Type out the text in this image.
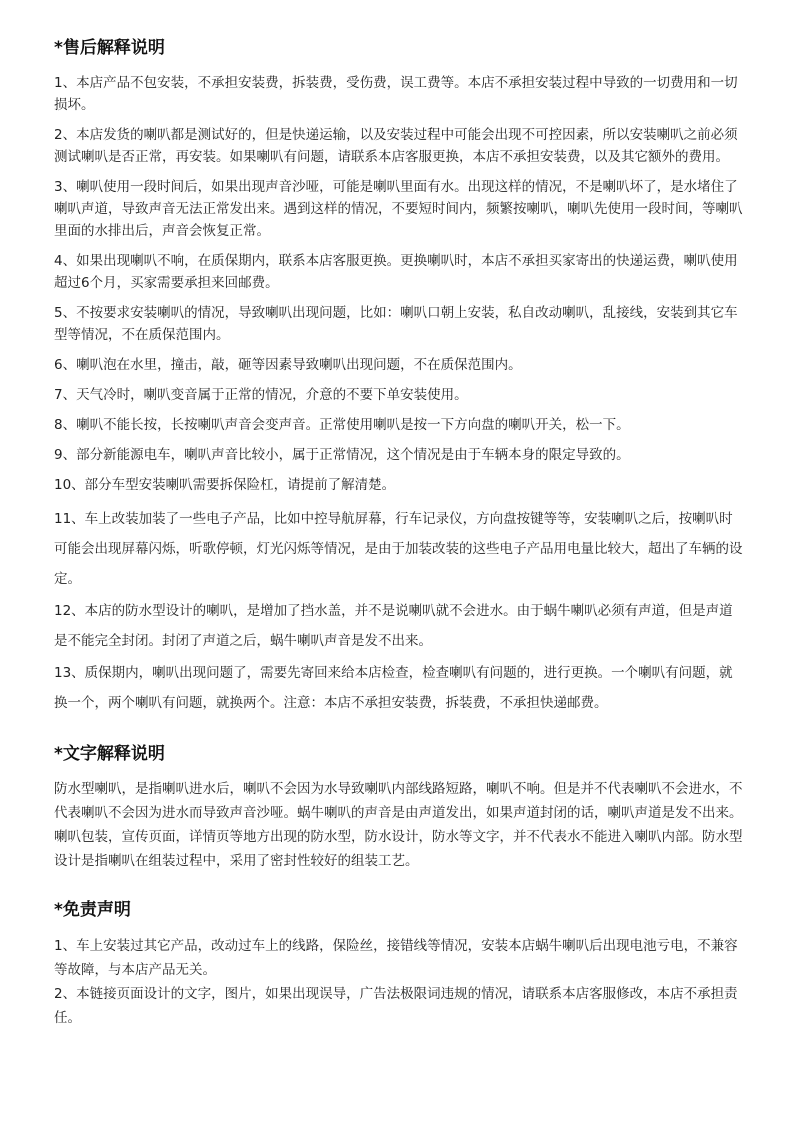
*售后解释说明

1、本店产品不包安装，不承担安装费，拆装费，受伤费，误工费等。本店不承担安装过程中导致的一切费用和一切损坏。

2、本店发货的喇叭都是测试好的，但是快递运输，以及安装过程中可能会出现不可控因素，所以安装喇叭之前必须测试喇叭是否正常，再安装。如果喇叭有问题，请联系本店客服更换，本店不承担安装费，以及其它额外的费用。

3、喇叭使用一段时间后，如果出现声音沙哑，可能是喇叭里面有水。出现这样的情况，不是喇叭坏了，是水堵住了喇叭声道，导致声音无法正常发出来。遇到这样的情况，不要短时间内，频繁按喇叭，喇叭先使用一段时间，等喇叭里面的水排出后，声音会恢复正常。

4、如果出现喇叭不响，在质保期内，联系本店客服更换。更换喇叭时，本店不承担买家寄出的快递运费，喇叭使用超过6个月，买家需要承担来回邮费。

5、不按要求安装喇叭的情况，导致喇叭出现问题，比如：喇叭口朝上安装，私自改动喇叭，乱接线，安装到其它车型等情况，不在质保范围内。

6、喇叭泡在水里，撞击，敲，砸等因素导致喇叭出现问题，不在质保范围内。

7、天气冷时，喇叭变音属于正常的情况，介意的不要下单安装使用。

8、喇叭不能长按，长按喇叭声音会变声音。正常使用喇叭是按一下方向盘的喇叭开关，松一下。

9、部分新能源电车，喇叭声音比较小，属于正常情况，这个情况是由于车辆本身的限定导致的。

10、部分车型安装喇叭需要拆保险杠，请提前了解清楚。

11、车上改装加装了一些电子产品，比如中控导航屏幕，行车记录仪，方向盘按键等等，安装喇叭之后，按喇叭时可能会出现屏幕闪烁，听歌停顿，灯光闪烁等情况，是由于加装改装的这些电子产品用电量比较大，超出了车辆的设定。

12、本店的防水型设计的喇叭，是增加了挡水盖，并不是说喇叭就不会进水。由于蜗牛喇叭必须有声道，但是声道是不能完全封闭。封闭了声道之后，蜗牛喇叭声音是发不出来。

13、质保期内，喇叭出现问题了，需要先寄回来给本店检查，检查喇叭有问题的，进行更换。一个喇叭有问题，就换一个，两个喇叭有问题，就换两个。注意：本店不承担安装费，拆装费，不承担快递邮费。

*文字解释说明

防水型喇叭，是指喇叭进水后，喇叭不会因为水导致喇叭内部线路短路，喇叭不响。但是并不代表喇叭不会进水，不代表喇叭不会因为进水而导致声音沙哑。蜗牛喇叭的声音是由声道发出，如果声道封闭的话，喇叭声道是发不出来。喇叭包装，宣传页面，详情页等地方出现的防水型，防水设计，防水等文字，并不代表水不能进入喇叭内部。防水型设计是指喇叭在组装过程中，采用了密封性较好的组装工艺。

*免责声明

1、车上安装过其它产品，改动过车上的线路，保险丝，接错线等情况，安装本店蜗牛喇叭后出现电池亏电，不兼容等故障，与本店产品无关。

2、本链接页面设计的文字，图片，如果出现误导，广告法极限词违规的情况，请联系本店客服修改，本店不承担责任。
